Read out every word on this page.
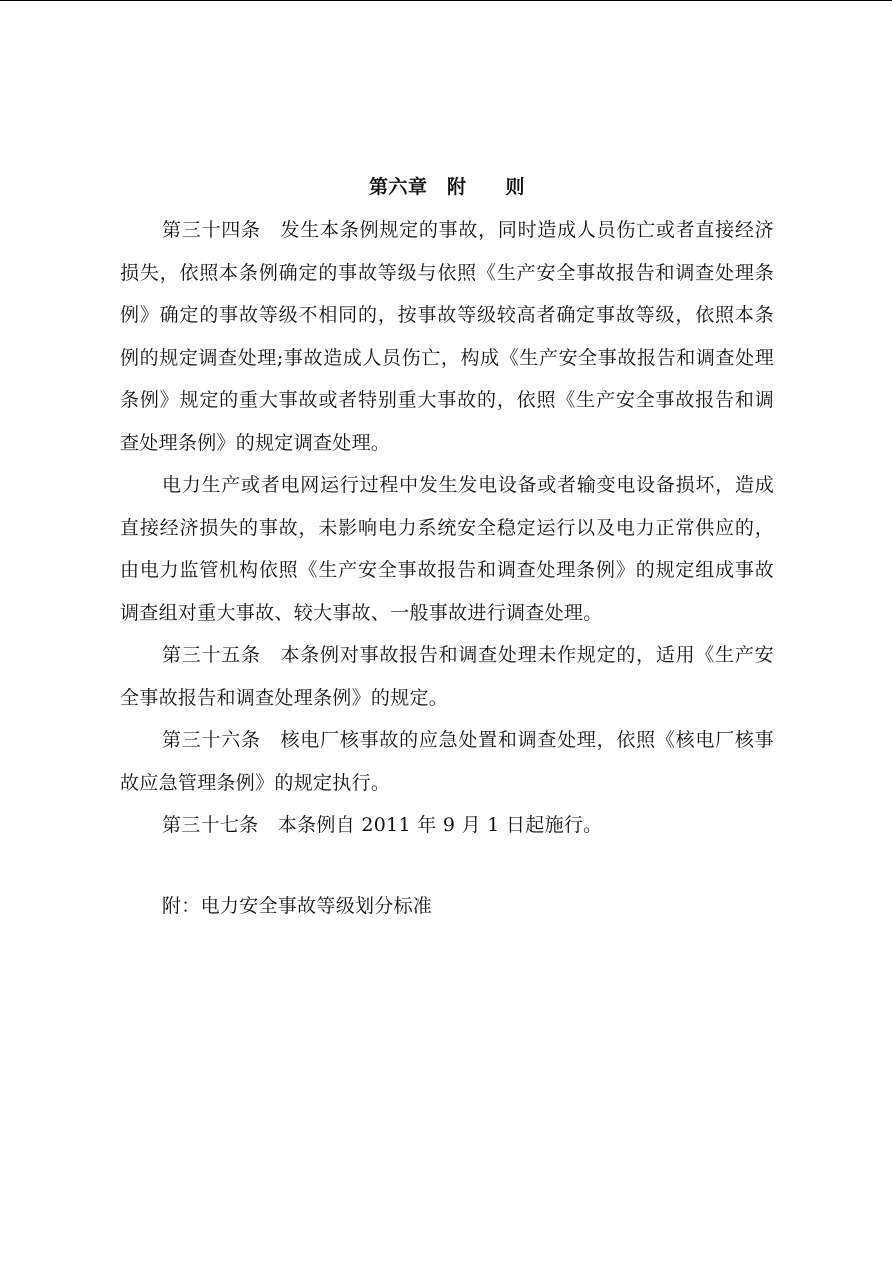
第六章　附　　则

第三十四条　发生本条例规定的事故，同时造成人员伤亡或者直接经济损失，依照本条例确定的事故等级与依照《生产安全事故报告和调查处理条例》确定的事故等级不相同的，按事故等级较高者确定事故等级，依照本条例的规定调查处理;事故造成人员伤亡，构成《生产安全事故报告和调查处理条例》规定的重大事故或者特别重大事故的，依照《生产安全事故报告和调查处理条例》的规定调查处理。

电力生产或者电网运行过程中发生发电设备或者输变电设备损坏，造成直接经济损失的事故，未影响电力系统安全稳定运行以及电力正常供应的，由电力监管机构依照《生产安全事故报告和调查处理条例》的规定组成事故调查组对重大事故、较大事故、一般事故进行调查处理。

第三十五条　本条例对事故报告和调查处理未作规定的，适用《生产安全事故报告和调查处理条例》的规定。

第三十六条　核电厂核事故的应急处置和调查处理，依照《核电厂核事故应急管理条例》的规定执行。

第三十七条　本条例自 2011 年 9 月 1 日起施行。

附：电力安全事故等级划分标准
